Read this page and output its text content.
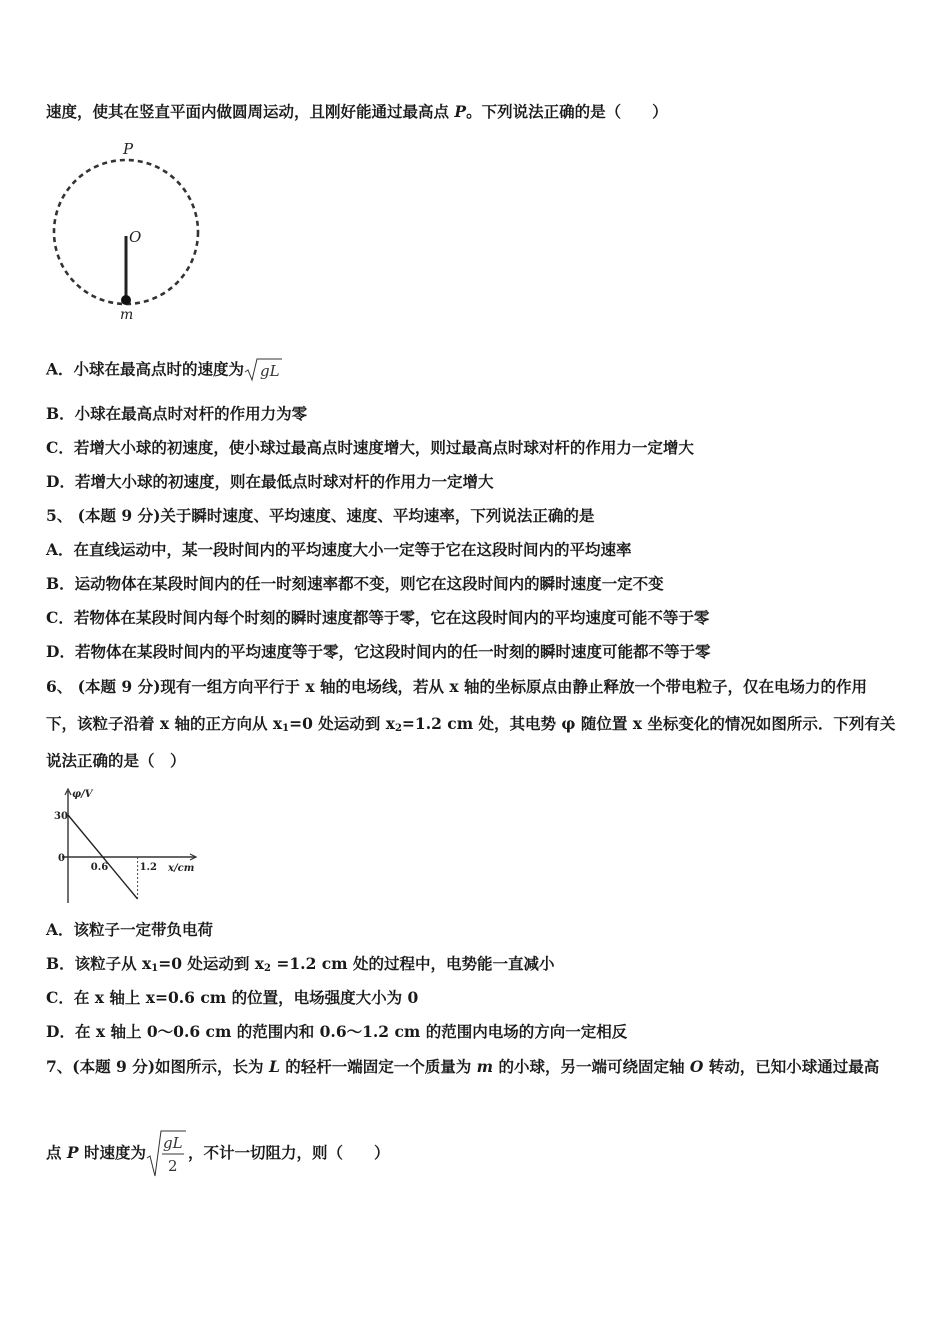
速度，使其在竖直平面内做圆周运动，且刚好能通过最高点 P。下列说法正确的是（　　）
P
O
m
A．小球在最高点时的速度为 gL
B．小球在最高点时对杆的作用力为零
C．若增大小球的初速度，使小球过最高点时速度增大，则过最高点时球对杆的作用力一定增大
D．若增大小球的初速度，则在最低点时球对杆的作用力一定增大
5、 (本题 9 分)关于瞬时速度、平均速度、速度、平均速率，下列说法正确的是
A．在直线运动中，某一段时间内的平均速度大小一定等于它在这段时间内的平均速率
B．运动物体在某段时间内的任一时刻速率都不变，则它在这段时间内的瞬时速度一定不变
C．若物体在某段时间内每个时刻的瞬时速度都等于零，它在这段时间内的平均速度可能不等于零
D．若物体在某段时间内的平均速度等于零，它这段时间内的任一时刻的瞬时速度可能都不等于零
6、 (本题 9 分)现有一组方向平行于 x 轴的电场线，若从 x 轴的坐标原点由静止释放一个带电粒子，仅在电场力的作用
下，该粒子沿着 x 轴的正方向从 $x_1=0$ 处运动到 $x_2=1.2$ cm 处，其电势 φ 随位置 x 坐标变化的情况如图所示．下列有关
说法正确的是（　）
φ/V
x/cm
30
0
0.6	1.2
A．该粒子一定带负电荷
B．该粒子从 $x_1=0$ 处运动到 $x_2 =1.2$ cm 处的过程中，电势能一直减小
C．在 x 轴上 x=0.6 cm 的位置，电场强度大小为 0
D．在 x 轴上 0～0.6 cm 的范围内和 0.6～1.2 cm 的范围内电场的方向一定相反
7、(本题 9 分)如图所示，长为 L 的轻杆一端固定一个质量为 m 的小球，另一端可绕固定轴 O 转动，已知小球通过最高
点 P 时速度为 gL
2
，不计一切阻力，则（　　）
